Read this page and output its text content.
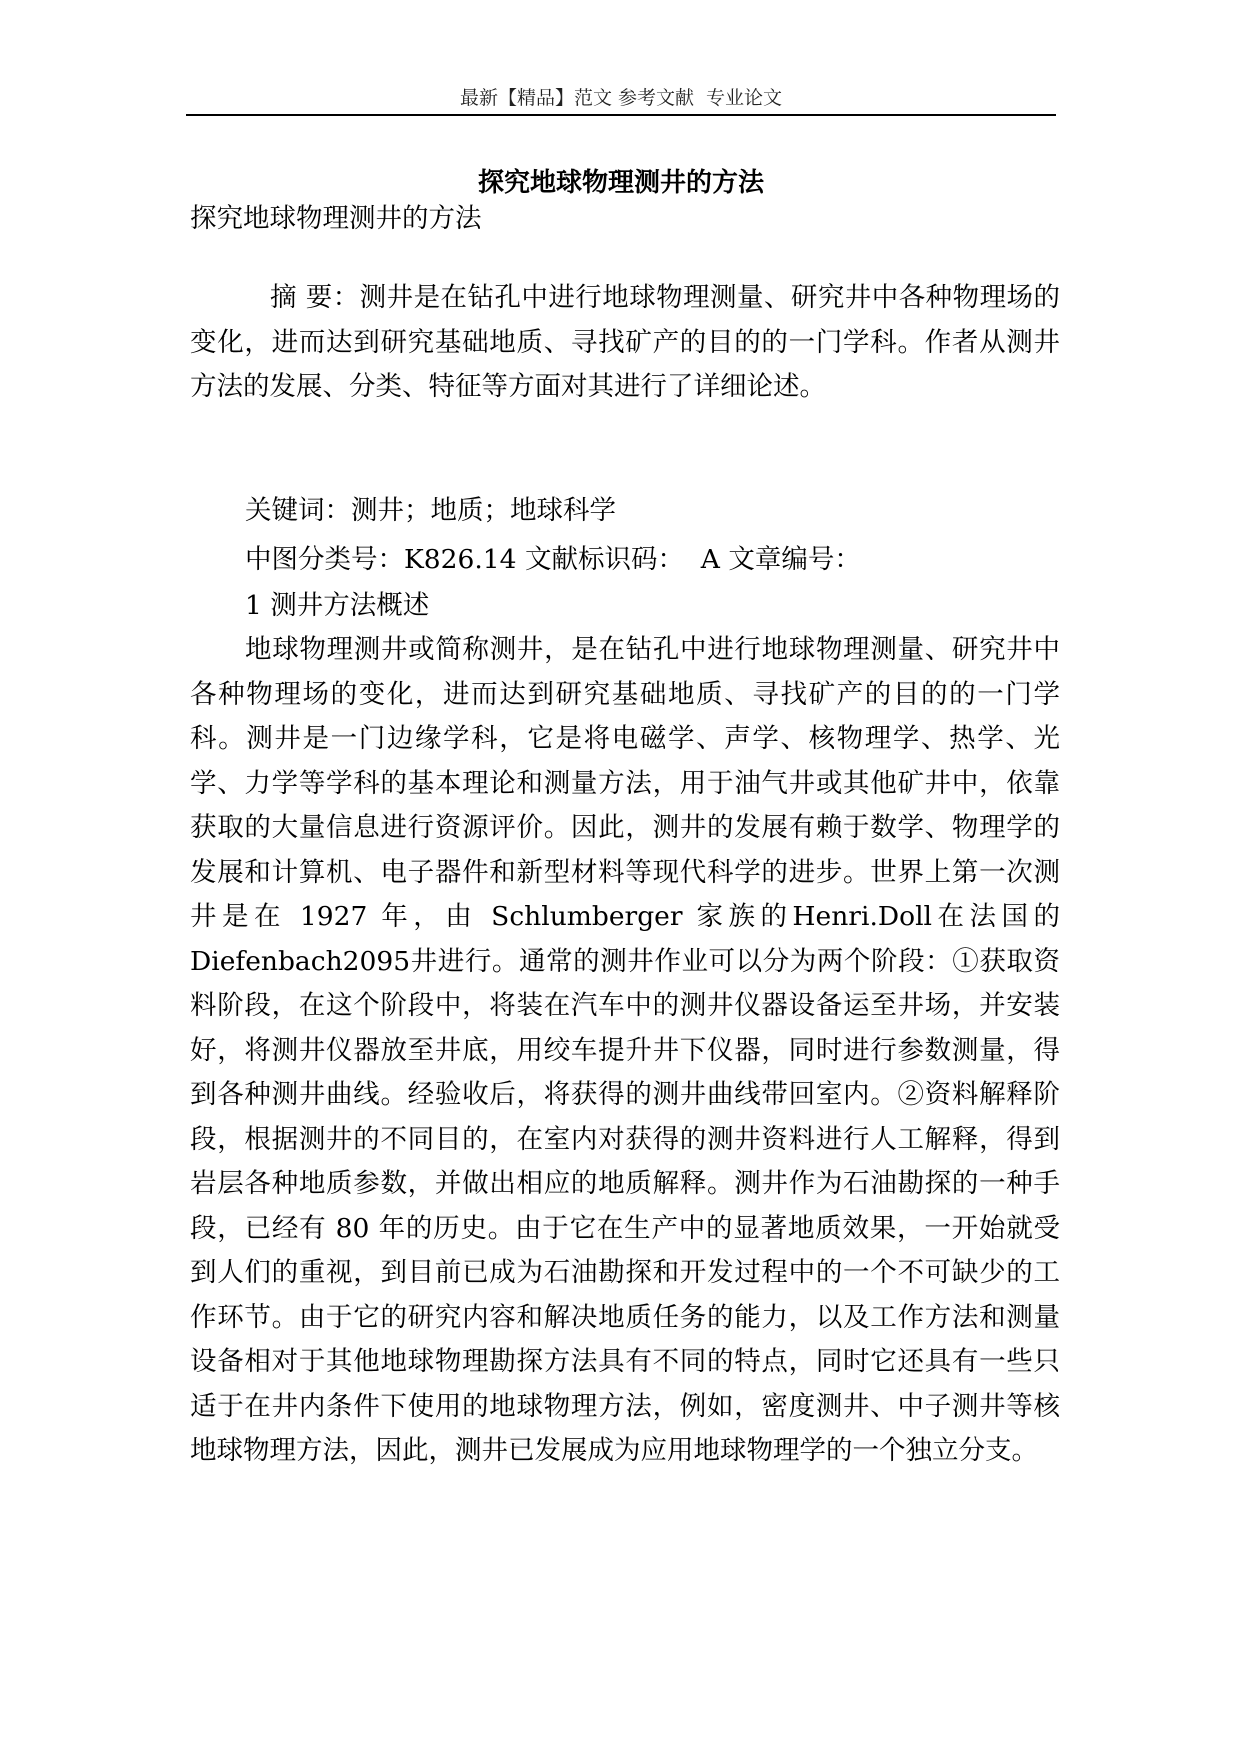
最新【精品】范文 参考文献  专业论文
探究地球物理测井的方法

探究地球物理测井的方法

　摘 要：测井是在钻孔中进行地球物理测量、研究井中各种物理场的变化，进而达到研究基础地质、寻找矿产的目的的一门学科。作者从测井方法的发展、分类、特征等方面对其进行了详细论述。

关键词：测井；地质；地球科学

中图分类号：K826.14 文献标识码：  A 文章编号：

1 测井方法概述

地球物理测井或简称测井，是在钻孔中进行地球物理测量、研究井中各种物理场的变化，进而达到研究基础地质、寻找矿产的目的的一门学科。测井是一门边缘学科，它是将电磁学、声学、核物理学、热学、光学、力学等学科的基本理论和测量方法，用于油气井或其他矿井中，依靠获取的大量信息进行资源评价。因此，测井的发展有赖于数学、物理学的发展和计算机、电子器件和新型材料等现代科学的进步。世界上第一次测井是在 1927 年，由 Schlumberger 家族的Henri.Doll在法国的Diefenbach2095井进行。通常的测井作业可以分为两个阶段：①获取资料阶段，在这个阶段中，将装在汽车中的测井仪器设备运至井场，并安装好，将测井仪器放至井底，用绞车提升井下仪器，同时进行参数测量，得到各种测井曲线。经验收后，将获得的测井曲线带回室内。②资料解释阶段，根据测井的不同目的，在室内对获得的测井资料进行人工解释，得到岩层各种地质参数，并做出相应的地质解释。测井作为石油勘探的一种手段，已经有 80 年的历史。由于它在生产中的显著地质效果，一开始就受到人们的重视，到目前已成为石油勘探和开发过程中的一个不可缺少的工作环节。由于它的研究内容和解决地质任务的能力，以及工作方法和测量设备相对于其他地球物理勘探方法具有不同的特点，同时它还具有一些只适于在井内条件下使用的地球物理方法，例如，密度测井、中子测井等核地球物理方法，因此，测井已发展成为应用地球物理学的一个独立分支。
